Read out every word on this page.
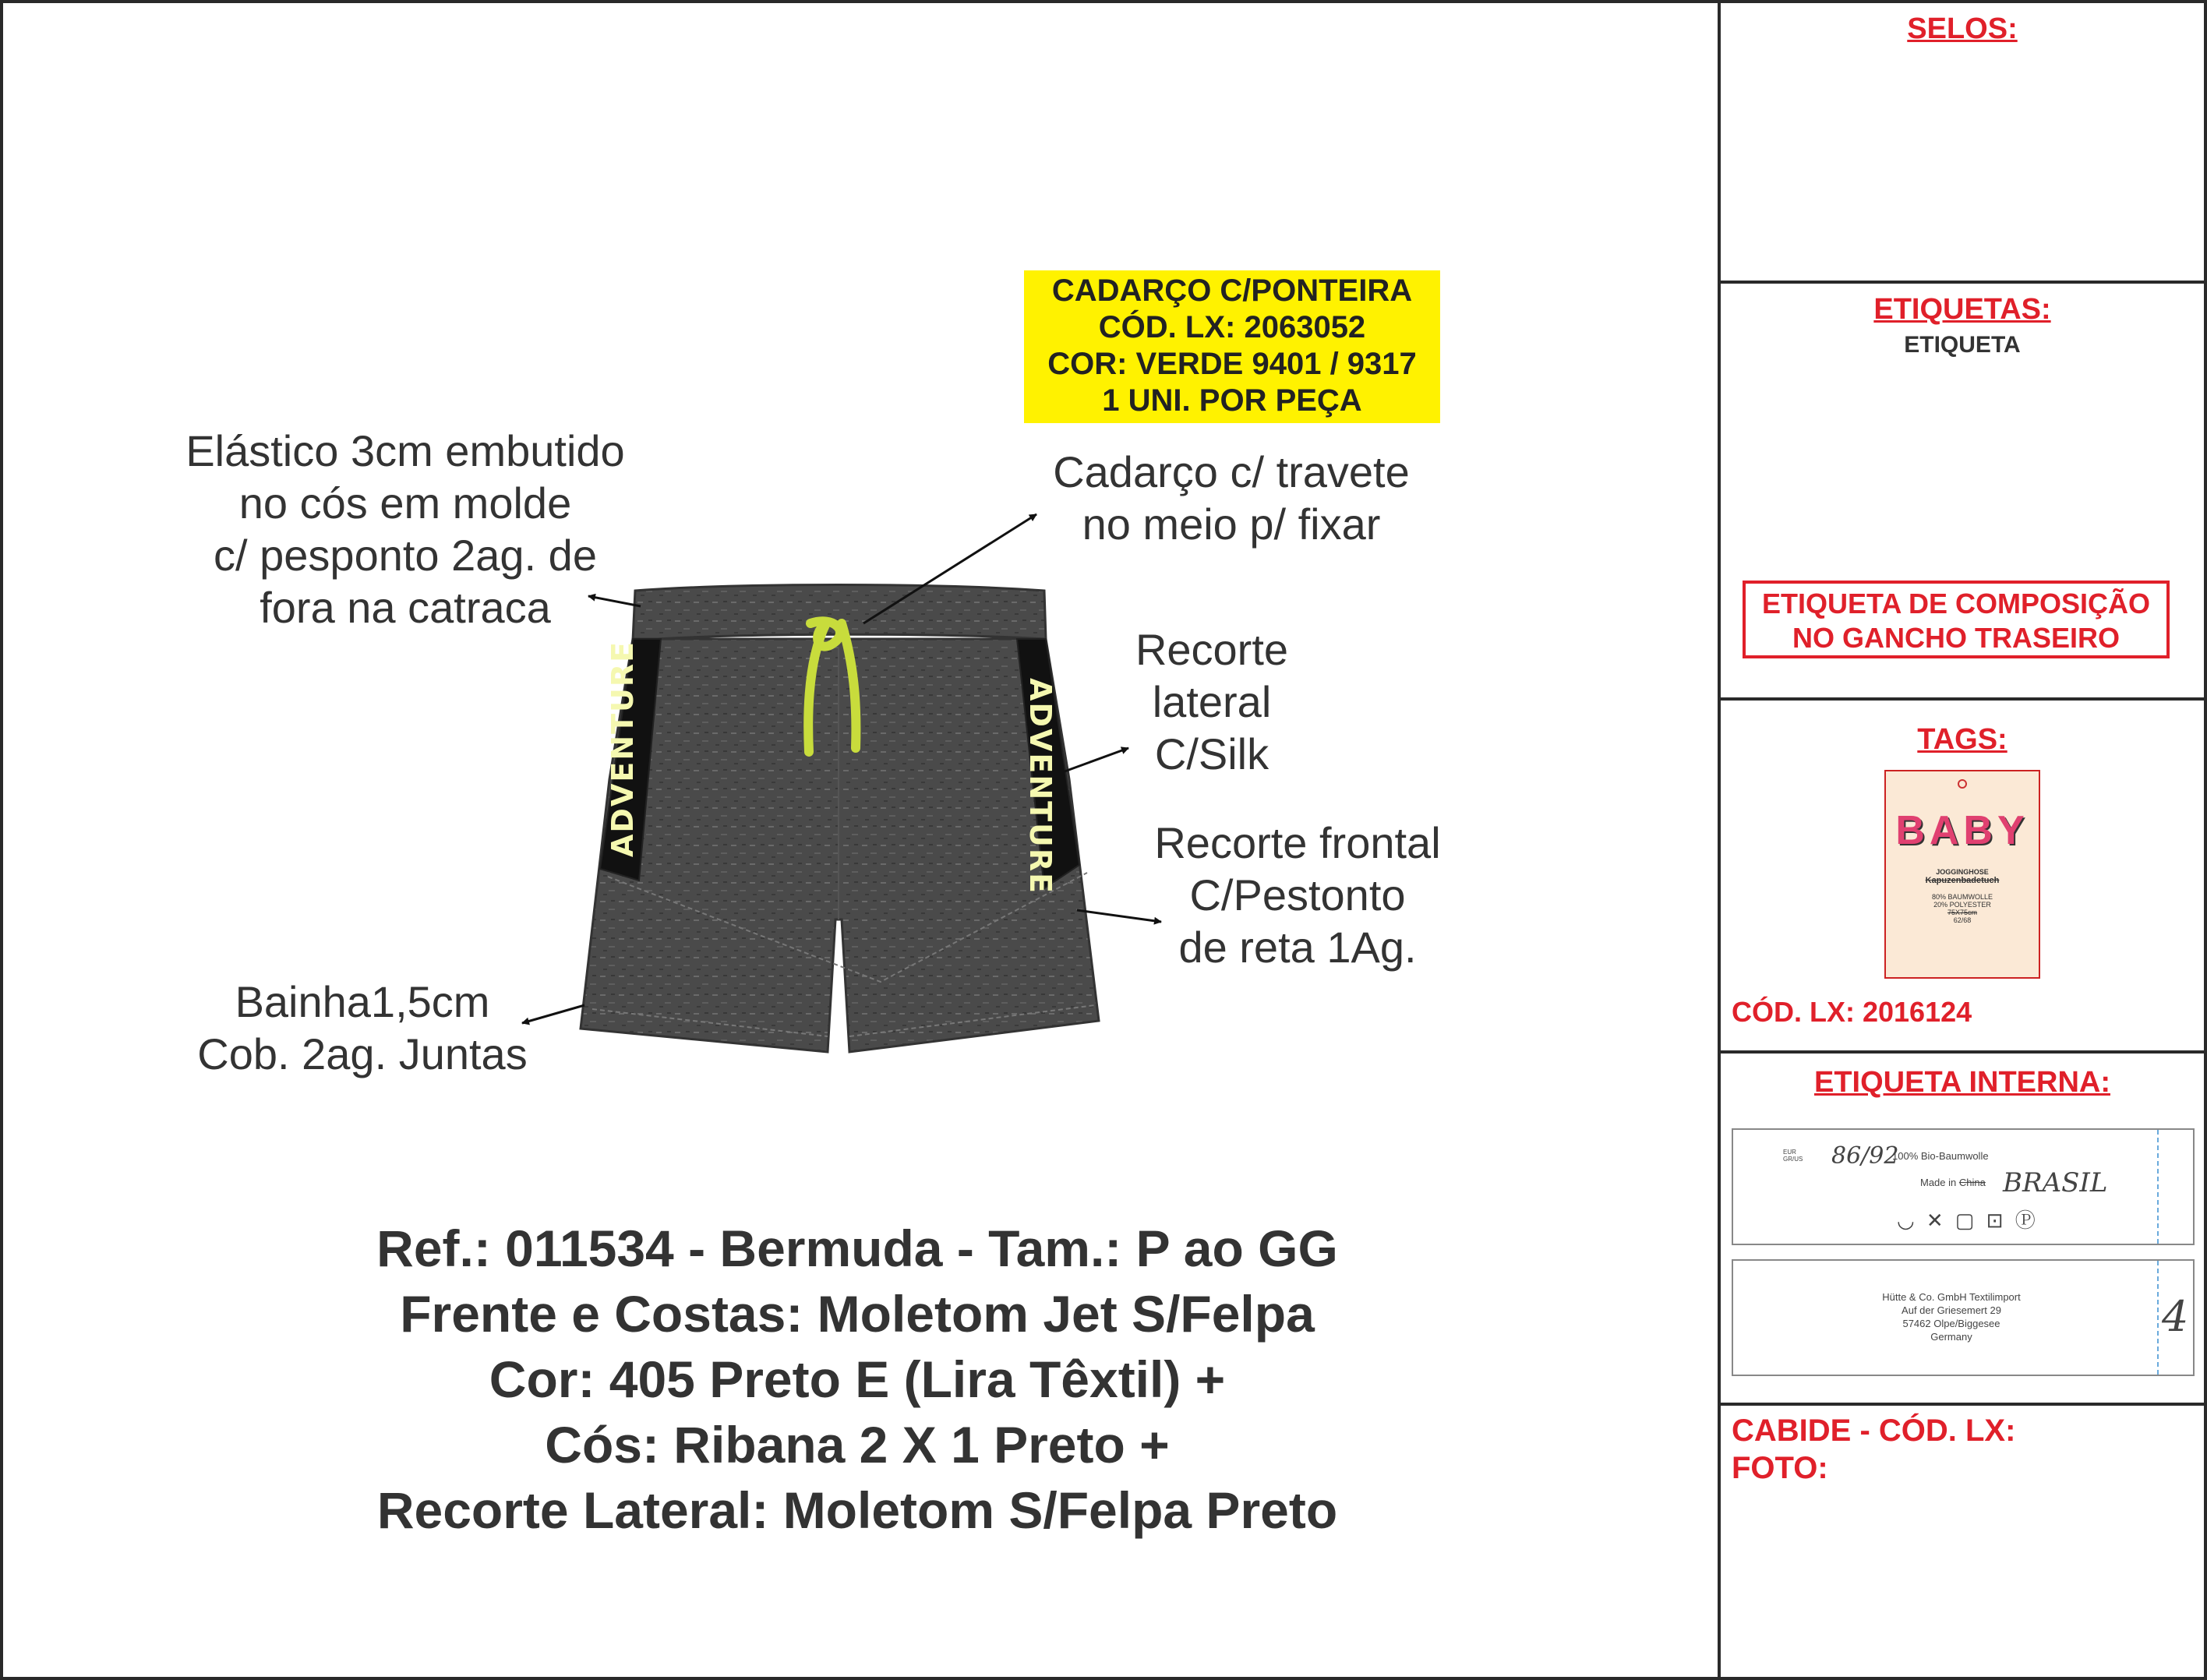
ADVENTURE	ADVENTURE
CADARÇO C/PONTEIRA
CÓD. LX: 2063052
COR: VERDE 9401 / 9317
1 UNI. POR PEÇA
Elástico 3cm embutido
no cós em molde
c/ pesponto 2ag. de
fora na catraca
Cadarço c/ travete
no meio p/ fixar
Recorte
lateral
C/Silk
Recorte frontal
C/Pestonto
de reta 1Ag.
Bainha1,5cm
Cob. 2ag. Juntas
Ref.: 011534 - Bermuda - Tam.: P ao GG
Frente e Costas: Moletom Jet S/Felpa
Cor: 405 Preto E (Lira Têxtil) +
Cós: Ribana 2 X 1 Preto +
Recorte Lateral: Moletom S/Felpa Preto
SELOS:
ETIQUETAS:
ETIQUETA
ETIQUETA DE COMPOSIÇÃO
NO GANCHO TRASEIRO
TAGS:
BABY
JOGGINGHOSE
Kapuzenbadetuch
80% BAUMWOLLE
20% POLYESTER
75X75cm
62/68
CÓD. LX: 2016124
ETIQUETA INTERNA:
EUR GR/US 86/92
100% Bio-Baumwolle
Made in China BRASIL
◡ ✕ ▢ ⊡ Ⓟ
Hütte & Co. GmbH Textilimport
Auf der Griesemert 29
57462 Olpe/Biggesee
Germany	4
CABIDE - CÓD. LX:
FOTO:
